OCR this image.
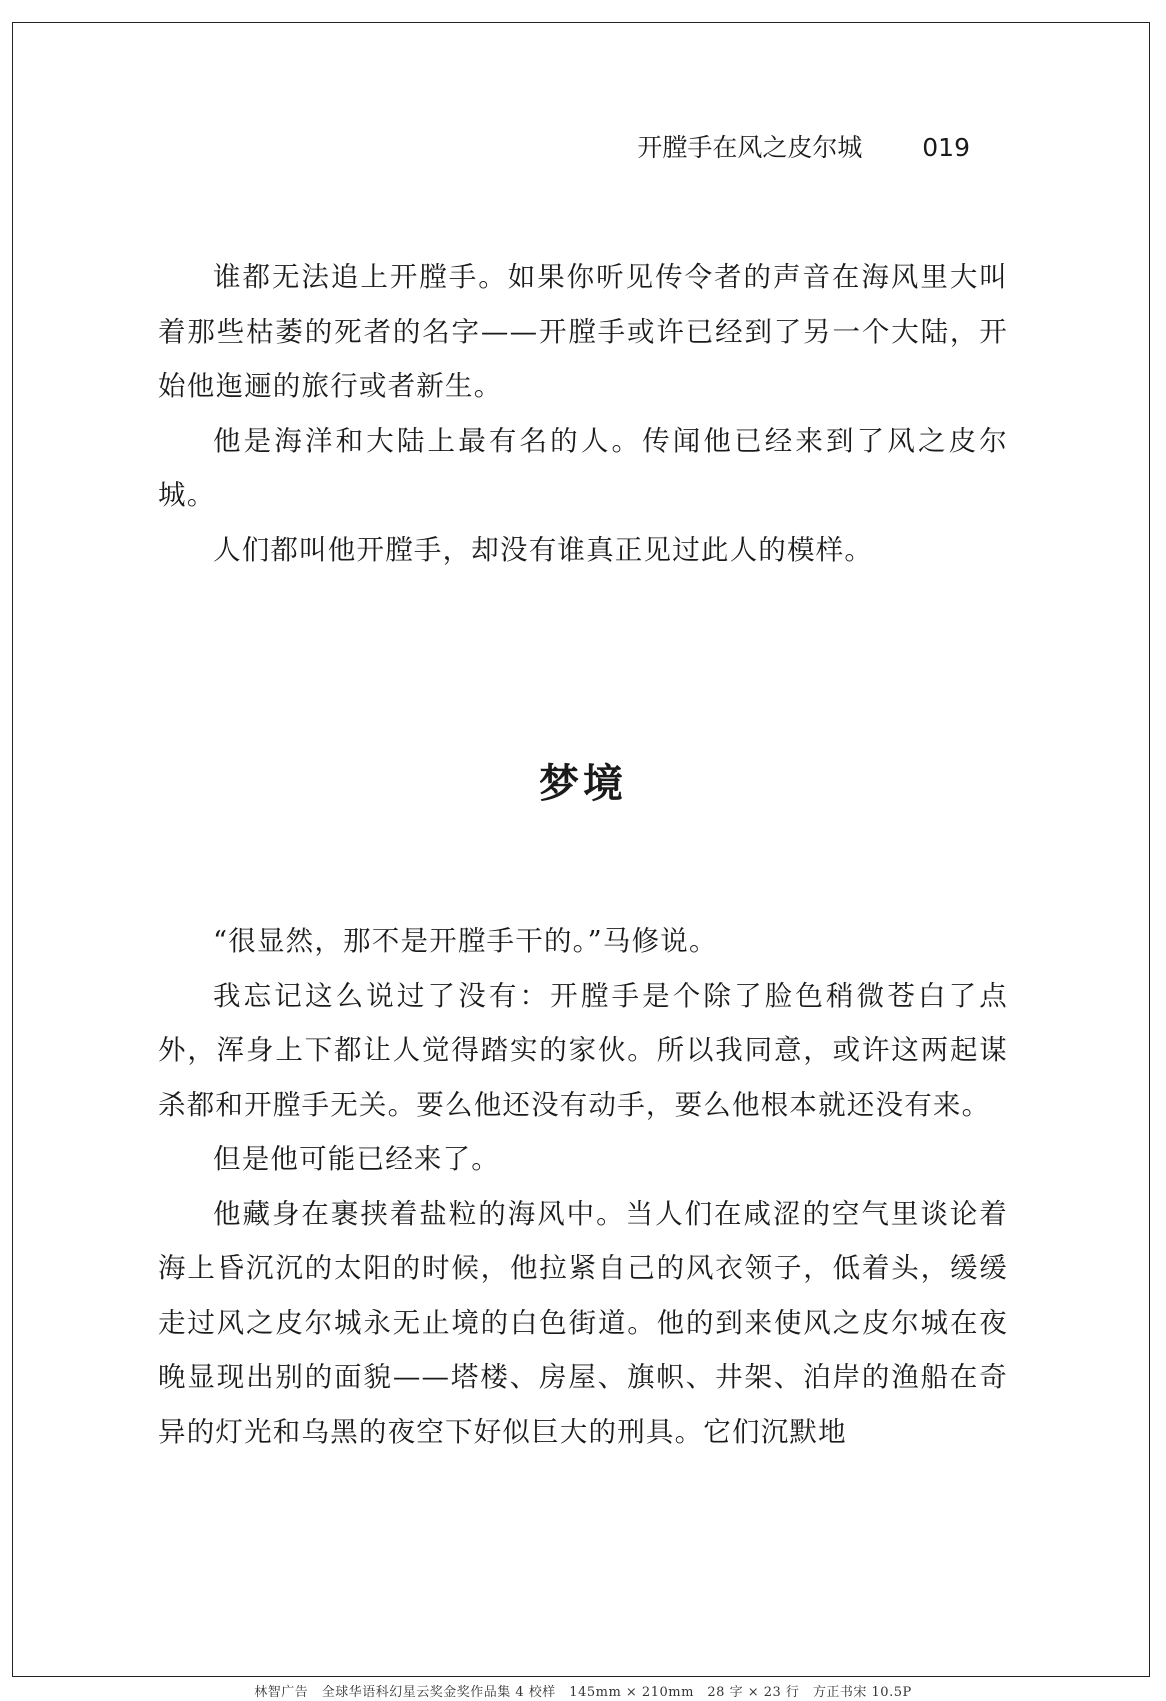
开膛手在风之皮尔城 019

谁都无法追上开膛手。如果你听见传令者的声音在海风里大叫着那些枯萎的死者的名字——开膛手或许已经到了另一个大陆，开始他迤逦的旅行或者新生。

他是海洋和大陆上最有名的人。传闻他已经来到了风之皮尔城。

人们都叫他开膛手，却没有谁真正见过此人的模样。

梦境

“很显然，那不是开膛手干的。”马修说。

我忘记这么说过了没有：开膛手是个除了脸色稍微苍白了点外，浑身上下都让人觉得踏实的家伙。所以我同意，或许这两起谋杀都和开膛手无关。要么他还没有动手，要么他根本就还没有来。

但是他可能已经来了。

他藏身在裹挟着盐粒的海风中。当人们在咸涩的空气里谈论着海上昏沉沉的太阳的时候，他拉紧自己的风衣领子，低着头，缓缓走过风之皮尔城永无止境的白色街道。他的到来使风之皮尔城在夜晚显现出别的面貌——塔楼、房屋、旗帜、井架、泊岸的渔船在奇异的灯光和乌黑的夜空下好似巨大的刑具。它们沉默地

林智广告　全球华语科幻星云奖金奖作品集 4 校样　145mm × 210mm　28 字 × 23 行　方正书宋 10.5P
